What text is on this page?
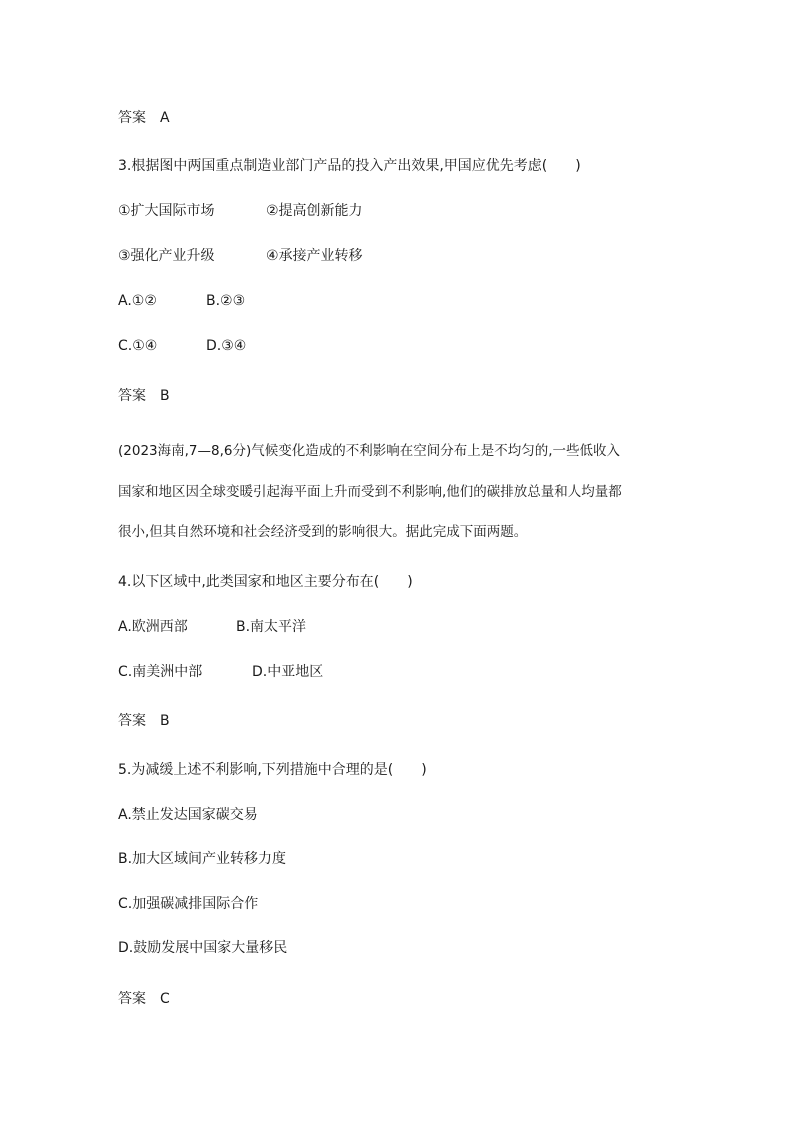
答案 A
3.根据图中两国重点制造业部门产品的投入产出效果,甲国应优先考虑(　　)
①扩大国际市场	②提高创新能力
③强化产业升级	④承接产业转移
A.①②	B.②③
C.①④	D.③④
答案 B
(2023海南,7—8,6分)气候变化造成的不利影响在空间分布上是不均匀的,一些低收入
国家和地区因全球变暖引起海平面上升而受到不利影响,他们的碳排放总量和人均量都
很小,但其自然环境和社会经济受到的影响很大。据此完成下面两题。
4.以下区域中,此类国家和地区主要分布在(　　)
A.欧洲西部	B.南太平洋
C.南美洲中部	D.中亚地区
答案 B
5.为减缓上述不利影响,下列措施中合理的是(　　)
A.禁止发达国家碳交易
B.加大区域间产业转移力度
C.加强碳减排国际合作
D.鼓励发展中国家大量移民
答案 C
